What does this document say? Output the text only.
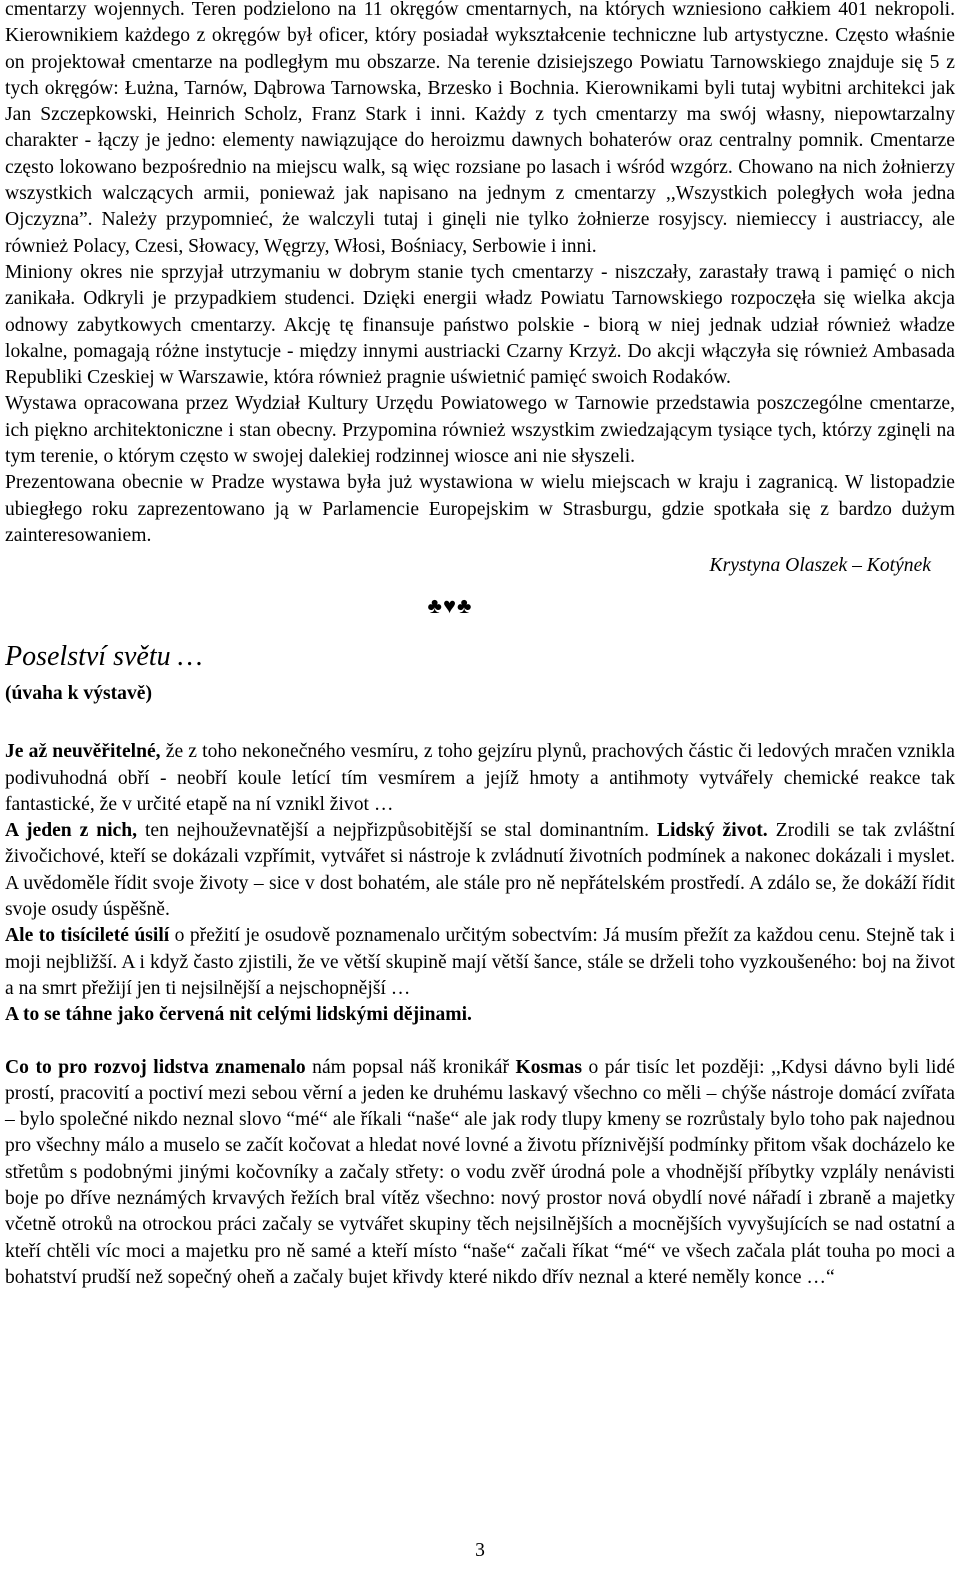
cmentarzy wojennych. Teren podzielono na 11 okręgów cmentarnych, na których wzniesiono całkiem 401 nekropoli. Kierownikiem każdego z okręgów był oficer, który posiadał wykształcenie techniczne lub artystyczne. Często właśnie on projektował cmentarze na podległym mu obszarze. Na terenie dzisiejszego Powiatu Tarnowskiego znajduje się 5 z tych okręgów: Łużna, Tarnów, Dąbrowa Tarnowska, Brzesko i Bochnia. Kierownikami byli tutaj wybitni architekci jak Jan Szczepkowski, Heinrich Scholz, Franz Stark i inni. Każdy z tych cmentarzy ma swój własny, niepowtarzalny charakter - łączy je jedno: elementy nawiązujące do heroizmu dawnych bohaterów oraz centralny pomnik. Cmentarze często lokowano bezpośrednio na miejscu walk, są więc rozsiane po lasach i wśród wzgórz. Chowano na nich żołnierzy wszystkich walczących armii, ponieważ jak napisano na jednym z cmentarzy ,,Wszystkich poległych woła jedna Ojczyzna”. Należy przypomnieć, że walczyli tutaj i ginęli nie tylko żołnierze rosyjscy. niemieccy i austriaccy, ale również Polacy, Czesi, Słowacy, Węgrzy, Włosi, Bośniacy, Serbowie i inni.

Miniony okres nie sprzyjał utrzymaniu w dobrym stanie tych cmentarzy - niszczały, zarastały trawą i pamięć o nich zanikała. Odkryli je przypadkiem studenci. Dzięki energii władz Powiatu Tarnowskiego rozpoczęła się wielka akcja odnowy zabytkowych cmentarzy. Akcję tę finansuje państwo polskie - biorą w niej jednak udział również władze lokalne, pomagają różne instytucje - między innymi austriacki Czarny Krzyż. Do akcji włączyła się również Ambasada Republiki Czeskiej w Warszawie, która również pragnie uświetnić pamięć swoich Rodaków.

Wystawa opracowana przez Wydział Kultury Urzędu Powiatowego w Tarnowie przedstawia poszczególne cmentarze, ich piękno architektoniczne i stan obecny. Przypomina również wszystkim zwiedzającym tysiące tych, którzy zginęli na tym terenie, o którym często w swojej dalekiej rodzinnej wiosce ani nie słyszeli.

Prezentowana obecnie w Pradze wystawa była już wystawiona w wielu miejscach w kraju i zagranicą. W listopadzie ubiegłego roku zaprezentowano ją w Parlamencie Europejskim w Strasburgu, gdzie spotkała się z bardzo dużym zainteresowaniem.

Krystyna Olaszek – Kotýnek
♣♥♣
Poselství světu …
(úvaha k výstavě)

Je až neuvěřitelné, že z toho nekonečného vesmíru, z toho gejzíru plynů, prachových částic či ledových mračen vznikla podivuhodná obří - neobří koule letící tím vesmírem a jejíž hmoty a antihmoty vytvářely chemické reakce tak fantastické, že v určité etapě na ní vznikl život …

A jeden z nich, ten nejhouževnatější a nejpřizpůsobitější se stal dominantním. Lidský život. Zrodili se tak zvláštní živočichové, kteří se dokázali vzpřímit, vytvářet si nástroje k zvládnutí životních podmínek a nakonec dokázali i myslet. A uvědoměle řídit svoje životy – sice v dost bohatém, ale stále pro ně nepřátelském prostředí. A zdálo se, že dokáží řídit svoje osudy úspěšně.

Ale to tisícileté úsilí o přežití je osudově poznamenalo určitým sobectvím: Já musím přežít za každou cenu. Stejně tak i moji nejbližší. A i když často zjistili, že ve větší skupině mají větší šance, stále se drželi toho vyzkoušeného: boj na život a na smrt přežijí jen ti nejsilnější a nejschopnější …

A to se táhne jako červená nit celými lidskými dějinami.

Co to pro rozvoj lidstva znamenalo nám popsal náš kronikář Kosmas o pár tisíc let později: ,,Kdysi dávno byli lidé prostí, pracovití a poctiví mezi sebou věrní a jeden ke druhému laskavý všechno co měli – chýše nástroje domácí zvířata – bylo společné nikdo neznal slovo “mé“ ale říkali “naše“ ale jak rody tlupy kmeny se rozrůstaly bylo toho pak najednou pro všechny málo a muselo se začít kočovat a hledat nové lovné a životu příznivější podmínky přitom však docházelo ke střetům s podobnými jinými kočovníky a začaly střety: o vodu zvěř úrodná pole a vhodnější příbytky vzplály nenávisti boje po dříve neznámých krvavých řežích bral vítěz všechno: nový prostor nová obydlí nové nářadí i zbraně a majetky včetně otroků na otrockou práci začaly se vytvářet skupiny těch nejsilnějších a mocnějších vyvyšujících se nad ostatní a kteří chtěli víc moci a majetku pro ně samé a kteří místo “naše“ začali říkat “mé“ ve všech začala plát touha po moci a bohatství prudší než sopečný oheň a začaly bujet křivdy které nikdo dřív neznal a které neměly konce …“

3
